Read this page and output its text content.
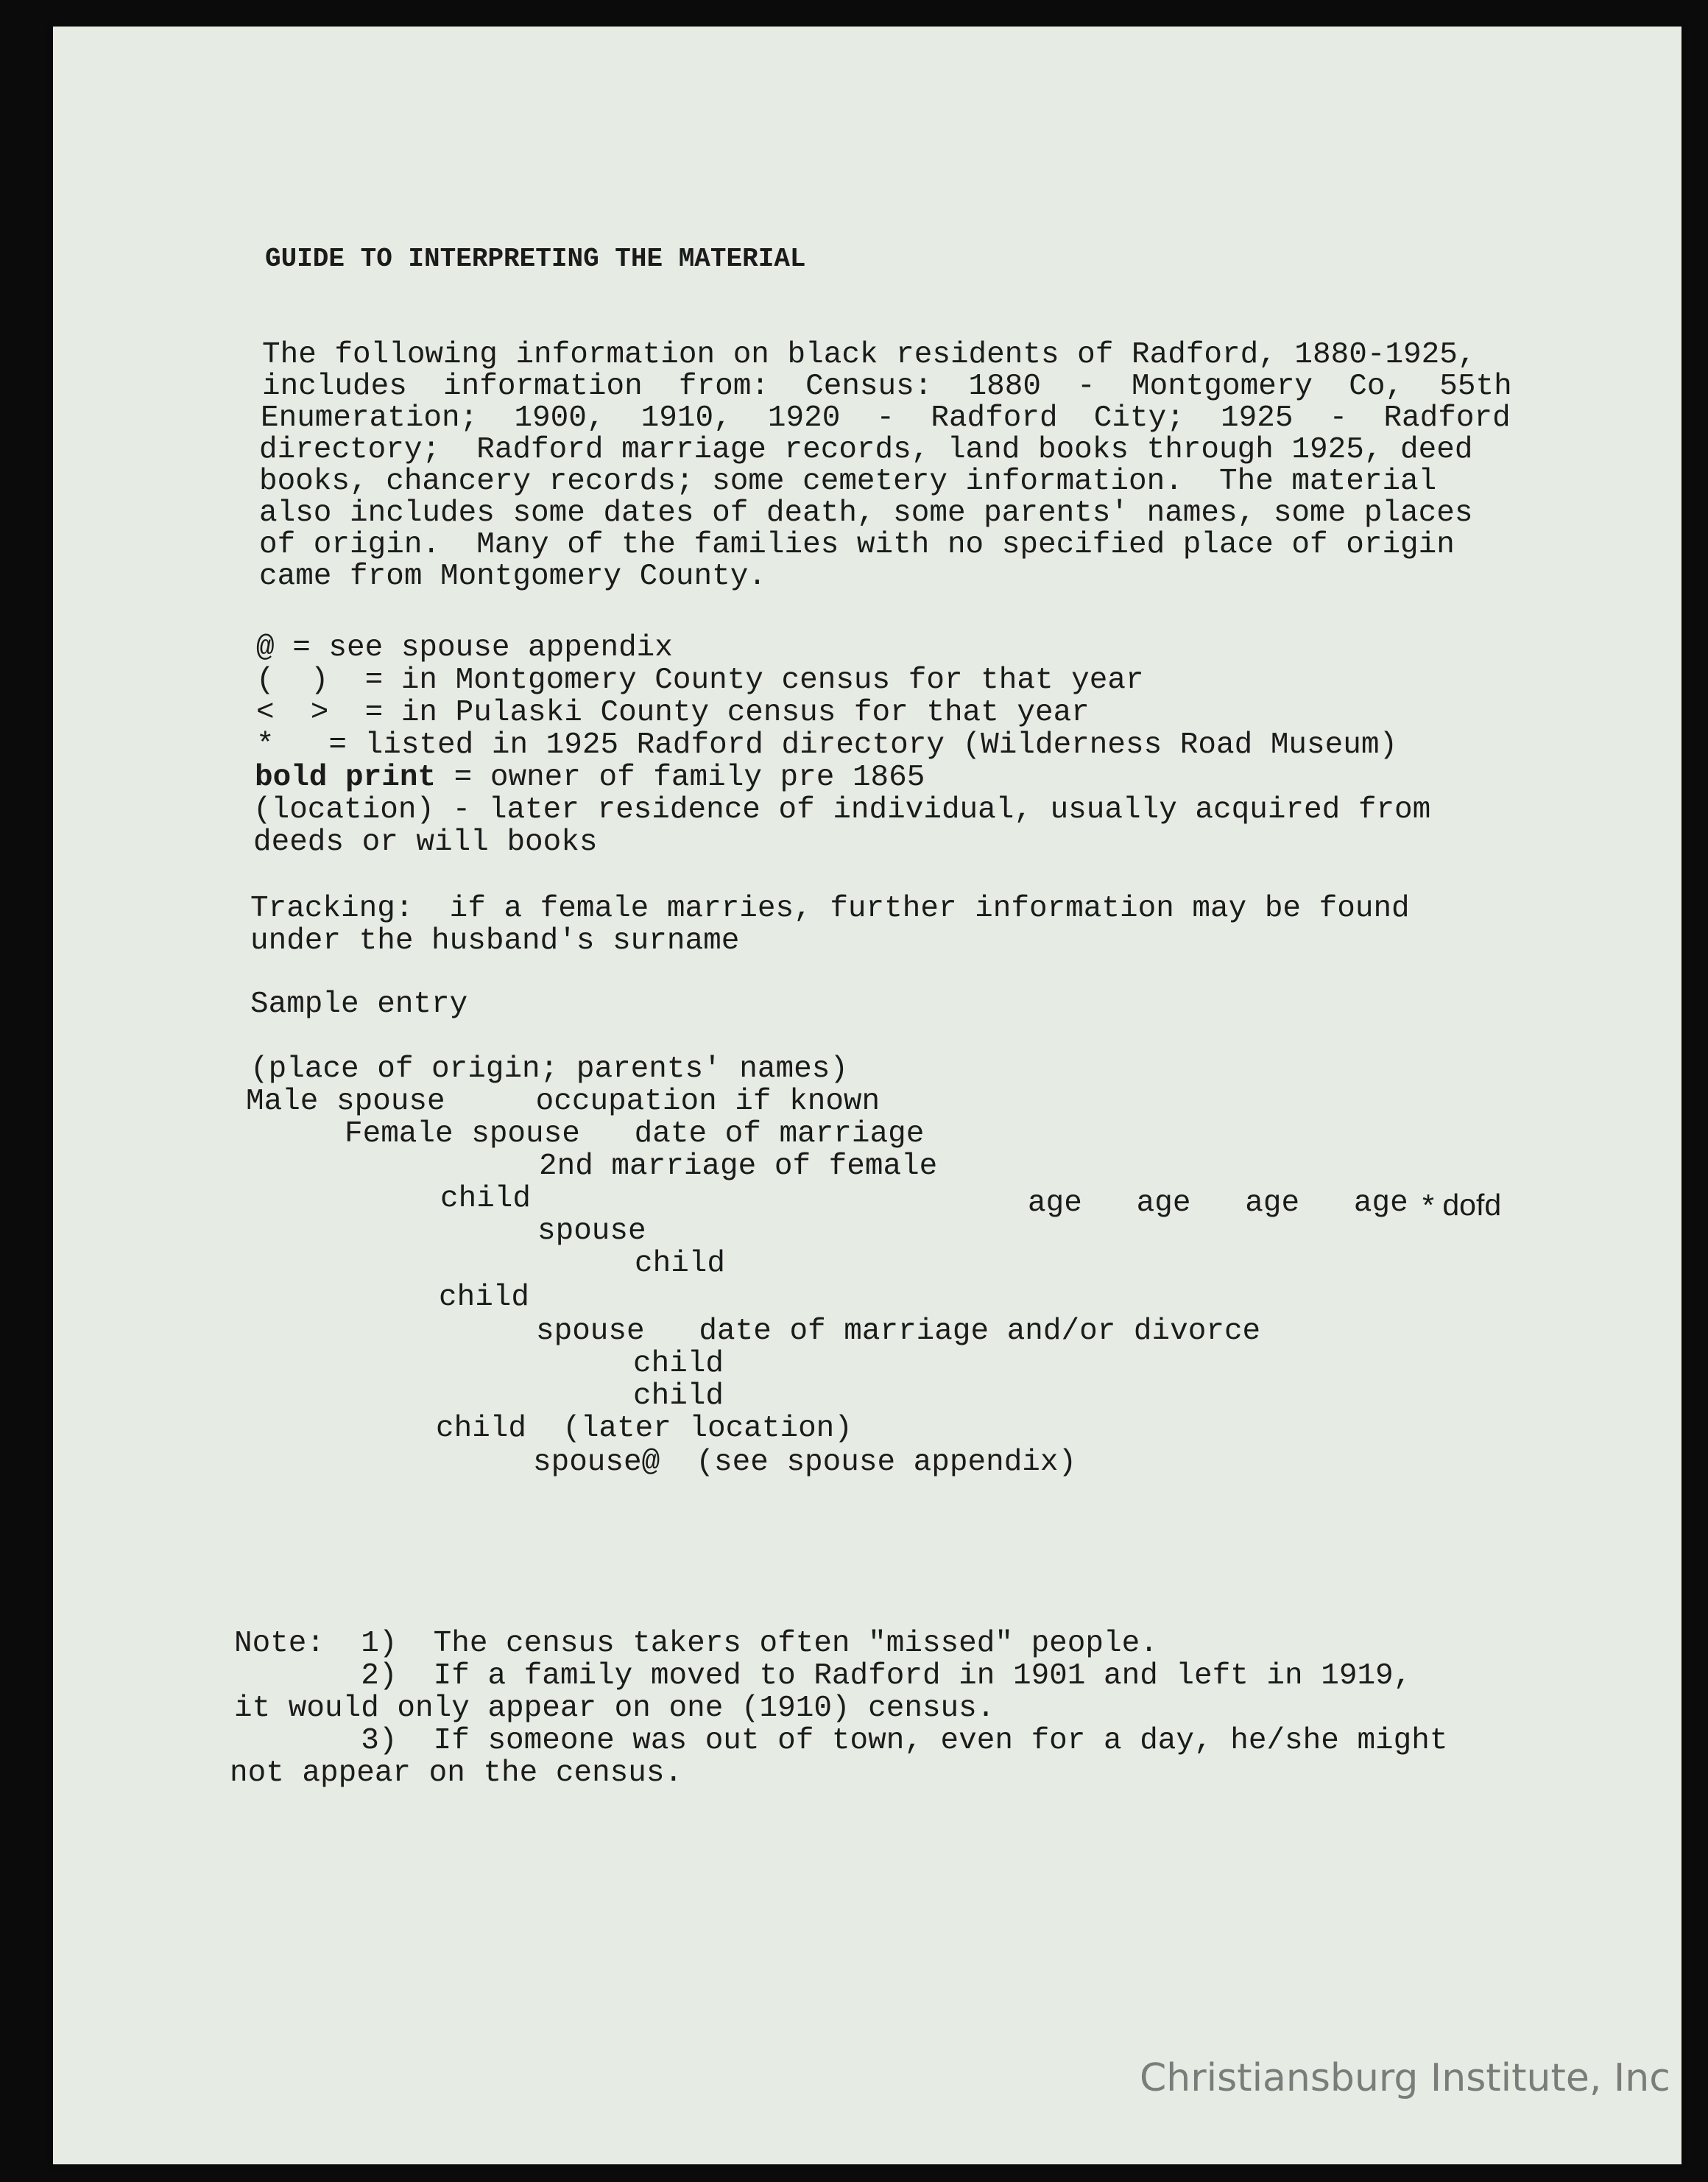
GUIDE TO INTERPRETING THE MATERIAL
The following information on black residents of Radford, 1880-1925,
includes  information  from:  Census:  1880  -  Montgomery  Co,  55th
Enumeration;  1900,  1910,  1920  -  Radford  City;  1925  -  Radford
directory;  Radford marriage records, land books through 1925, deed
books, chancery records; some cemetery information.  The material
also includes some dates of death, some parents' names, some places
of origin.  Many of the families with no specified place of origin
came from Montgomery County.
@ = see spouse appendix
(  )  = in Montgomery County census for that year
<  >  = in Pulaski County census for that year
*   = listed in 1925 Radford directory (Wilderness Road Museum)
bold print = owner of family pre 1865
(location) - later residence of individual, usually acquired from
deeds or will books
Tracking:  if a female marries, further information may be found
under the husband's surname
Sample entry
(place of origin; parents' names)
Male spouse     occupation if known
Female spouse   date of marriage
2nd marriage of female
child	age   age   age   age * dofd
spouse
child
child
spouse   date of marriage and/or divorce
child
child
child  (later location)
spouse@  (see spouse appendix)
Note:  1)  The census takers often "missed" people.
2)  If a family moved to Radford in 1901 and left in 1919,
it would only appear on one (1910) census.
3)  If someone was out of town, even for a day, he/she might
not appear on the census.
Christiansburg Institute, Inc
